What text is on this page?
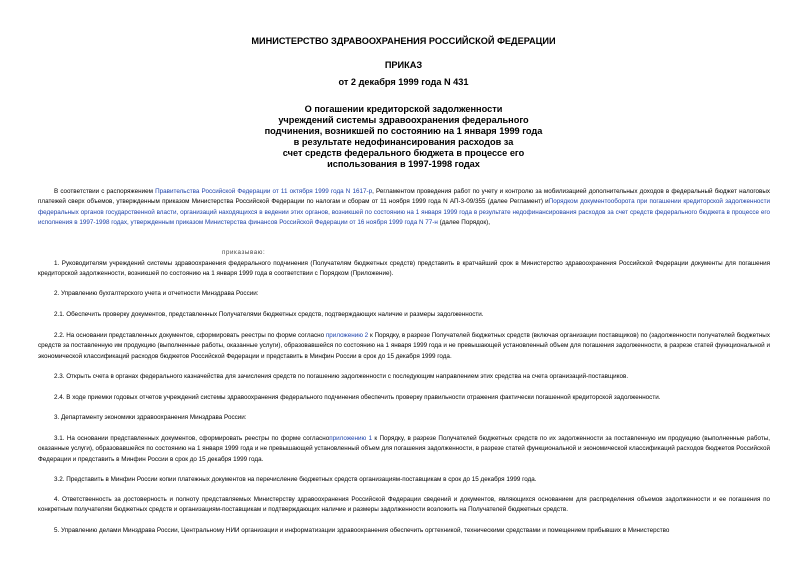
МИНИСТЕРСТВО ЗДРАВООХРАНЕНИЯ РОССИЙСКОЙ ФЕДЕРАЦИИ
ПРИКАЗ
от 2 декабря 1999 года N 431
О погашении кредиторской задолженности
учреждений системы здравоохранения федерального
подчинения, возникшей по состоянию на 1 января 1999 года
в результате недофинансирования расходов за
счет средств федерального бюджета в процессе его
использования в 1997-1998 годах
В соответствии с распоряжением Правительства Российской Федерации от 11 октября 1999 года N 1617-р, Регламентом проведения работ по учету и контролю за мобилизацией дополнительных доходов в федеральный бюджет налоговых платежей сверх объемов, утвержденным приказом Министерства Российской Федерации по налогам и сборам от 11 ноября 1999 года N АП-3-09/355 (далее Регламент) иПорядком документооборота при погашении кредиторской задолженности федеральных органов государственной власти, организаций находящихся в ведении этих органов, возникшей по состоянию на 1 января 1999 года в результате недофинансирования расходов за счет средств федерального бюджета в процессе его исполнения в 1997-1998 годах, утвержденным приказом Министерства финансов Российской Федерации от 16 ноября 1999 года N 77-н (далее Порядок),
приказываю:
1. Руководителям учреждений системы здравоохранения федерального подчинения (Получателям бюджетных средств) представить в кратчайший срок в Министерство здравоохранения Российской Федерации документы для погашения кредиторской задолженности, возникшей по состоянию на 1 января 1999 года в соответствии с Порядком (Приложение).
2. Управлению бухгалтерского учета и отчетности Минздрава России:
2.1. Обеспечить проверку документов, представленных Получателями бюджетных средств, подтверждающих наличие и размеры задолженности.
2.2. На основании представленных документов, сформировать реестры по форме согласно приложению 2 к Порядку, в разрезе Получателей бюджетных средств (включая организации поставщиков) по (задолженности получателей бюджетных средств за поставленную им продукцию (выполненные работы, оказанные услуги), образовавшейся по состоянию на 1 января 1999 года и не превышающей установленный объем для погашения задолженности, в разрезе статей функциональной и экономической классификаций расходов бюджетов Российской Федерации и представить в Минфин России в срок до 15 декабря 1999 года.
2.3. Открыть счета в органах федерального казначейства для зачисления средств по погашению задолженности с последующим направлением этих средства на счета организаций-поставщиков.
2.4. В ходе приемки годовых отчетов учреждений системы здравоохранения федерального подчинения обеспечить проверку правильности отражения фактически погашенной кредиторской задолженности.
3. Департаменту экономики здравоохранения Минздрава России:
3.1. На основании представленных документов, сформировать реестры по форме согласноприложению 1 к Порядку, в разрезе Получателей бюджетных средств по их задолженности за поставленную им продукцию (выполненные работы, оказанные услуги), образовавшейся по состоянию на 1 января 1999 года и не превышающей установленный объем для погашения задолженности, в разрезе статей функциональной и экономической классификаций расходов бюджетов Российской Федерации и представить в Минфин России в срок до 15 декабря 1999 года.
3.2. Представить в Минфин России копии платежных документов на перечисление бюджетных средств организациям-поставщикам в срок до 15 декабря 1999 года.
4. Ответственность за достоверность и полноту представляемых Министерству здравоохранения Российской Федерации сведений и документов, являющихся основанием для распределения объемов задолженности и ее погашения по конкретным получателям бюджетных средств и организациям-поставщикам и подтверждающих наличие и размеры задолженности возложить на Получателей бюджетных средств.
5. Управлению делами Минздрава России, Центральному НИИ организации и информатизации здравоохранения обеспечить оргтехникой, техническими средствами и помещением прибывших в Министерство
